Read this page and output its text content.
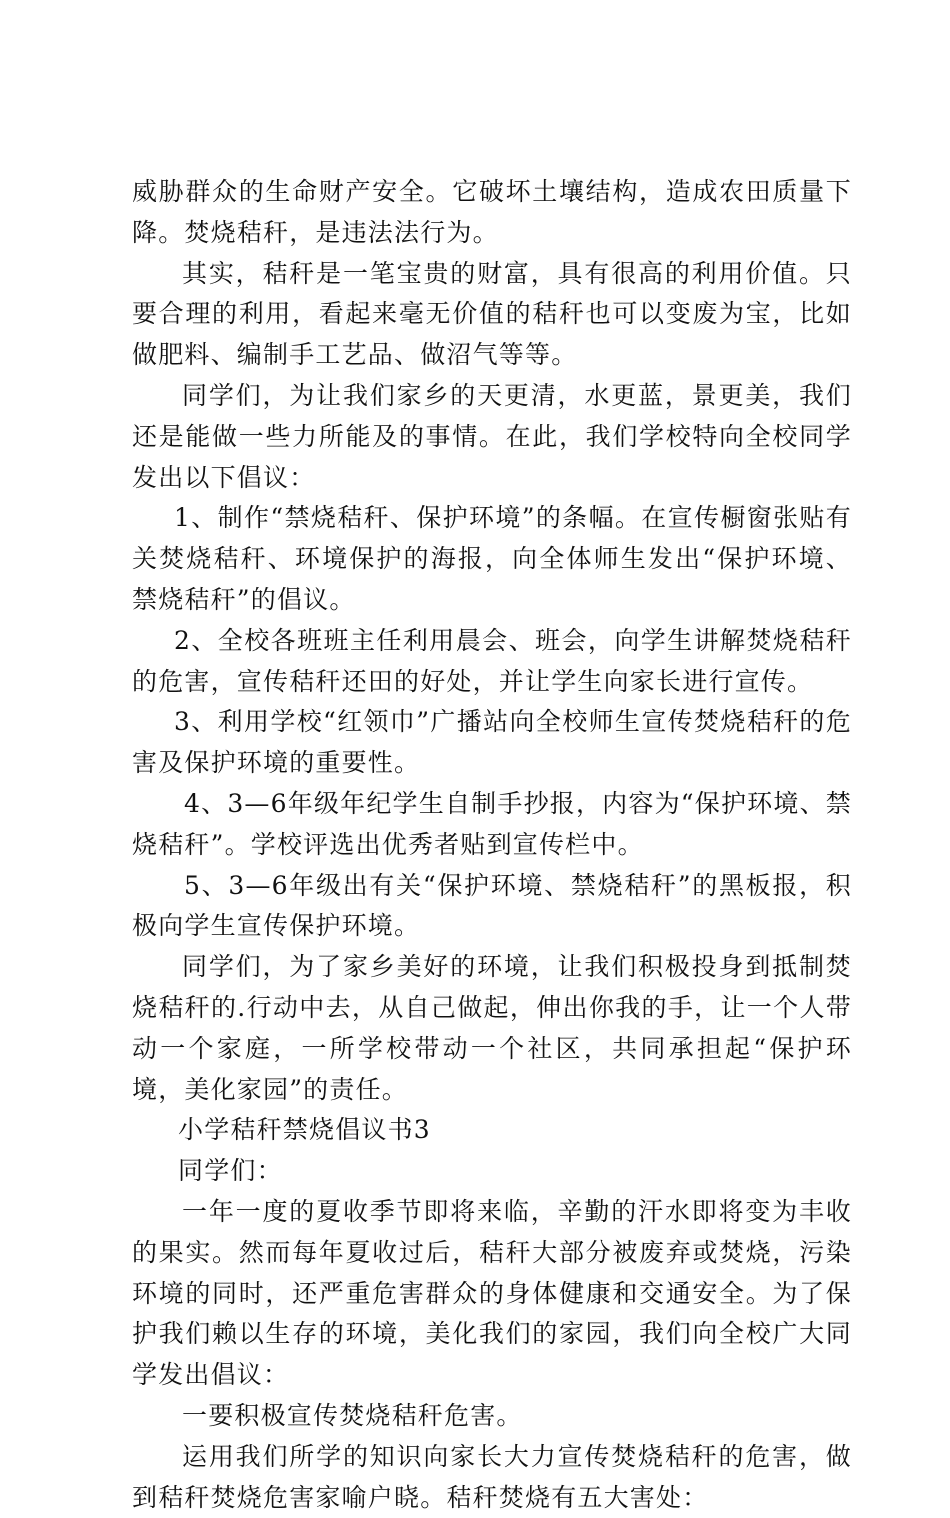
威胁群众的生命财产安全。它破坏土壤结构，造成农田质量下降。焚烧秸秆，是违法法行为。

其实，秸秆是一笔宝贵的财富，具有很高的利用价值。只要合理的利用，看起来毫无价值的秸秆也可以变废为宝，比如做肥料、编制手工艺品、做沼气等等。

同学们，为让我们家乡的天更清，水更蓝，景更美，我们还是能做一些力所能及的事情。在此，我们学校特向全校同学发出以下倡议：

1、制作“禁烧秸秆、保护环境”的条幅。在宣传橱窗张贴有关焚烧秸秆、环境保护的海报，向全体师生发出“保护环境、禁烧秸秆”的倡议。

2、全校各班班主任利用晨会、班会，向学生讲解焚烧秸秆的危害，宣传秸秆还田的好处，并让学生向家长进行宣传。

3、利用学校“红领巾”广播站向全校师生宣传焚烧秸秆的危害及保护环境的重要性。

4、3—6年级年纪学生自制手抄报，内容为“保护环境、禁烧秸秆”。学校评选出优秀者贴到宣传栏中。

5、3—6年级出有关“保护环境、禁烧秸秆”的黑板报，积极向学生宣传保护环境。

同学们，为了家乡美好的环境，让我们积极投身到抵制焚烧秸秆的.行动中去，从自己做起，伸出你我的手，让一个人带动一个家庭，一所学校带动一个社区，共同承担起“保护环境，美化家园”的责任。

小学秸秆禁烧倡议书3

同学们：

一年一度的夏收季节即将来临，辛勤的汗水即将变为丰收的果实。然而每年夏收过后，秸秆大部分被废弃或焚烧，污染环境的同时，还严重危害群众的身体健康和交通安全。为了保护我们赖以生存的环境，美化我们的家园，我们向全校广大同学发出倡议：

一要积极宣传焚烧秸秆危害。

运用我们所学的知识向家长大力宣传焚烧秸秆的危害，做到秸秆焚烧危害家喻户晓。秸秆焚烧有五大害处：
